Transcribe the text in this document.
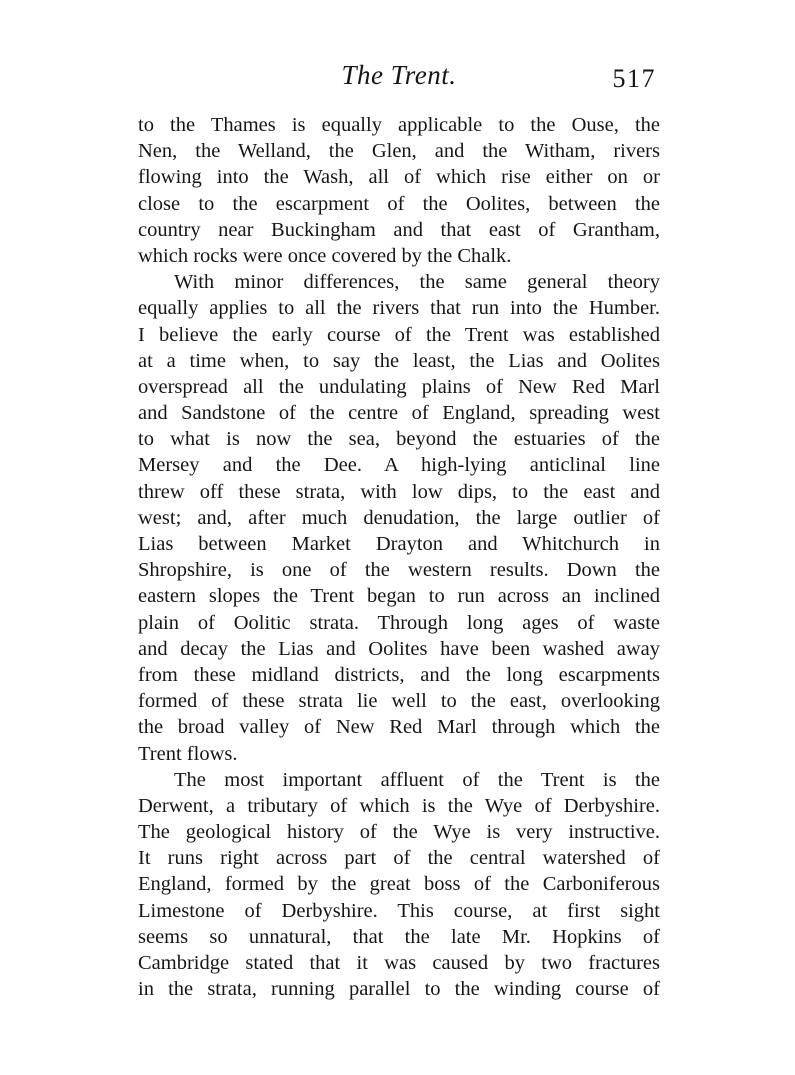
The Trent.	517
to the Thames is equally applicable to the Ouse, the
Nen, the Welland, the Glen, and the Witham, rivers
flowing into the Wash, all of which rise either on or
close to the escarpment of the Oolites, between the
country near Buckingham and that east of Grantham,
which rocks were once covered by the Chalk.
With minor differences, the same general theory
equally applies to all the rivers that run into the Humber.
I believe the early course of the Trent was established
at a time when, to say the least, the Lias and Oolites
overspread all the undulating plains of New Red Marl
and Sandstone of the centre of England, spreading west
to what is now the sea, beyond the estuaries of the
Mersey and the Dee. A high-lying anticlinal line
threw off these strata, with low dips, to the east and
west; and, after much denudation, the large outlier of
Lias between Market Drayton and Whitchurch in
Shropshire, is one of the western results. Down the
eastern slopes the Trent began to run across an inclined
plain of Oolitic strata. Through long ages of waste
and decay the Lias and Oolites have been washed away
from these midland districts, and the long escarpments
formed of these strata lie well to the east, overlooking
the broad valley of New Red Marl through which the
Trent flows.
The most important affluent of the Trent is the
Derwent, a tributary of which is the Wye of Derbyshire.
The geological history of the Wye is very instructive.
It runs right across part of the central watershed of
England, formed by the great boss of the Carboniferous
Limestone of Derbyshire. This course, at first sight
seems so unnatural, that the late Mr. Hopkins of
Cambridge stated that it was caused by two fractures
in the strata, running parallel to the winding course of
